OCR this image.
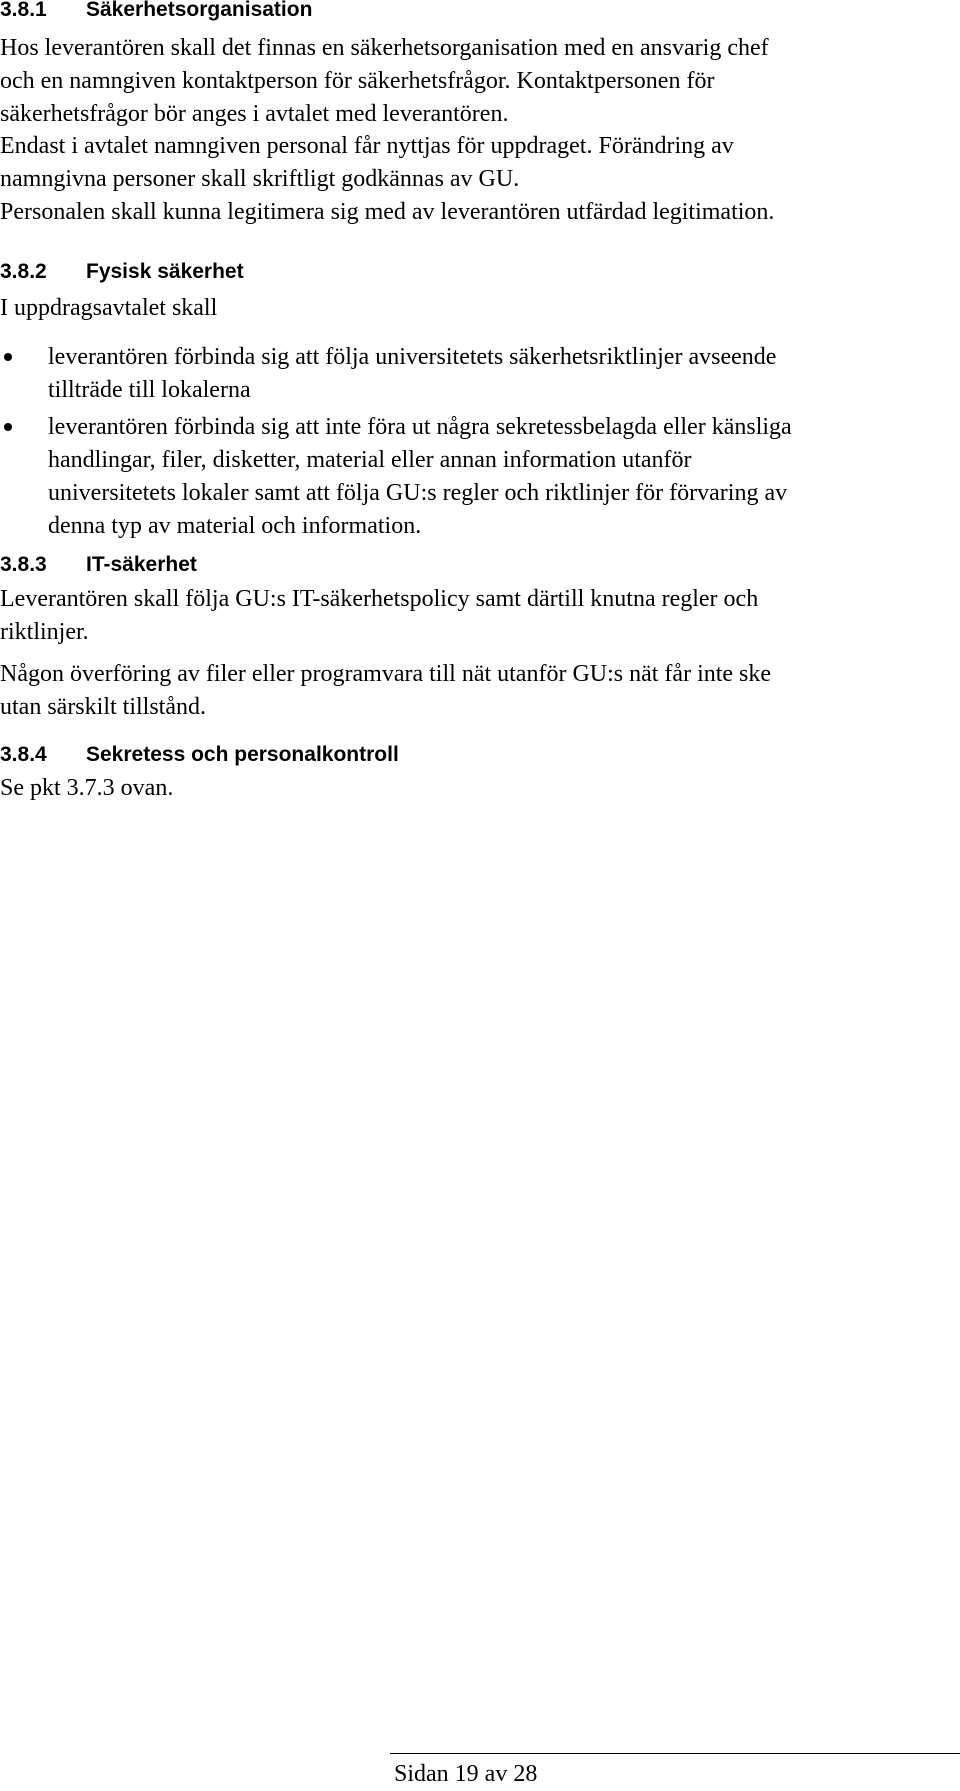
3.8.1 Säkerhetsorganisation
Hos leverantören skall det finnas en säkerhetsorganisation med en ansvarig chef
och en namngiven kontaktperson för säkerhetsfrågor. Kontaktpersonen för
säkerhetsfrågor bör anges i avtalet med leverantören.
Endast i avtalet namngiven personal får nyttjas för uppdraget. Förändring av
namngivna personer skall skriftligt godkännas av GU.
Personalen skall kunna legitimera sig med av leverantören utfärdad legitimation.
3.8.2 Fysisk säkerhet
I uppdragsavtalet skall
leverantören förbinda sig att följa universitetets säkerhetsriktlinjer avseende
tillträde till lokalerna
leverantören förbinda sig att inte föra ut några sekretessbelagda eller känsliga
handlingar, filer, disketter, material eller annan information utanför
universitetets lokaler samt att följa GU:s regler och riktlinjer för förvaring av
denna typ av material och information.
3.8.3 IT-säkerhet
Leverantören skall följa GU:s IT-säkerhetspolicy samt därtill knutna regler och
riktlinjer.
Någon överföring av filer eller programvara till nät utanför GU:s nät får inte ske
utan särskilt tillstånd.
3.8.4 Sekretess och personalkontroll
Se pkt 3.7.3 ovan.
Sidan 19 av 28
